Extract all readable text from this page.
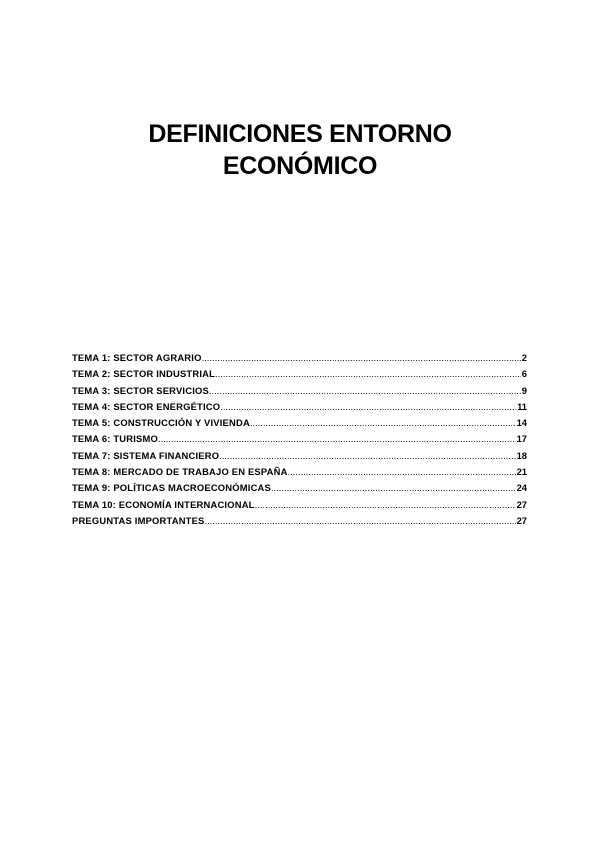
DEFINICIONES ENTORNO
ECONÓMICO
TEMA 1: SECTOR AGRARIO .....	2
TEMA 2: SECTOR INDUSTRIAL .....	6
TEMA 3: SECTOR SERVICIOS .....	9
TEMA 4: SECTOR ENERGÉTICO .....	11
TEMA 5: CONSTRUCCIÓN Y VIVIENDA .....	14
TEMA 6: TURISMO .....	17
TEMA 7: SISTEMA FINANCIERO .....	18
TEMA 8: MERCADO DE TRABAJO EN ESPAÑA .....	21
TEMA 9: POLÍTICAS MACROECONÓMICAS .....	24
TEMA 10: ECONOMÍA INTERNACIONAL .....	27
PREGUNTAS IMPORTANTES .....	27
